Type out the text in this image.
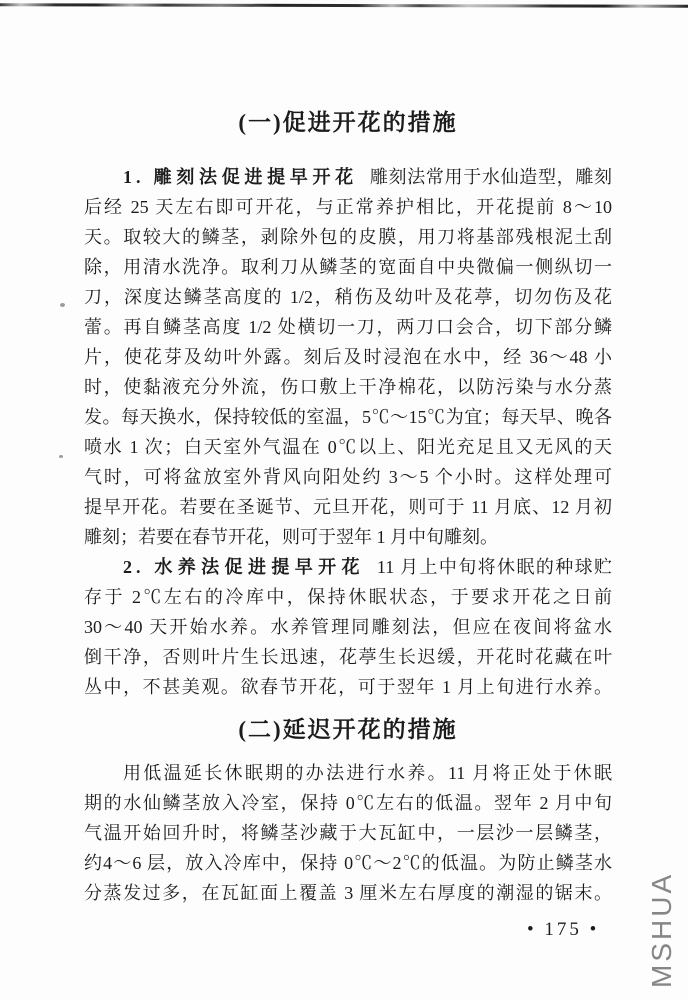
(一)促进开花的措施
1. 雕刻法促进提早开花 雕刻法常用于水仙造型，雕刻
后经 25 天左右即可开花，与正常养护相比，开花提前 8～10
天。取较大的鳞茎，剥除外包的皮膜，用刀将基部残根泥土刮
除，用清水洗净。取利刀从鳞茎的宽面自中央微偏一侧纵切一
刀，深度达鳞茎高度的 1/2，稍伤及幼叶及花葶，切勿伤及花
蕾。再自鳞茎高度 1/2 处横切一刀，两刀口会合，切下部分鳞
片，使花芽及幼叶外露。刻后及时浸泡在水中，经 36～48 小
时，使黏液充分外流，伤口敷上干净棉花，以防污染与水分蒸
发。每天换水，保持较低的室温，5℃～15℃为宜；每天早、晚各
喷水 1 次；白天室外气温在 0℃以上、阳光充足且又无风的天
气时，可将盆放室外背风向阳处约 3～5 个小时。这样处理可
提早开花。若要在圣诞节、元旦开花，则可于 11 月底、12 月初
雕刻；若要在春节开花，则可于翌年 1 月中旬雕刻。
2. 水养法促进提早开花 11 月上中旬将休眠的种球贮
存于 2℃左右的冷库中，保持休眠状态，于要求开花之日前
30～40 天开始水养。水养管理同雕刻法，但应在夜间将盆水
倒干净，否则叶片生长迅速，花葶生长迟缓，开花时花藏在叶
丛中，不甚美观。欲春节开花，可于翌年 1 月上旬进行水养。
(二)延迟开花的措施
用低温延长休眠期的办法进行水养。11 月将正处于休眠
期的水仙鳞茎放入冷室，保持 0℃左右的低温。翌年 2 月中旬
气温开始回升时，将鳞茎沙藏于大瓦缸中，一层沙一层鳞茎，
约4～6 层，放入冷库中，保持 0℃～2℃的低温。为防止鳞茎水
分蒸发过多，在瓦缸面上覆盖 3 厘米左右厚度的潮湿的锯末。
• 175 • MSHUA
